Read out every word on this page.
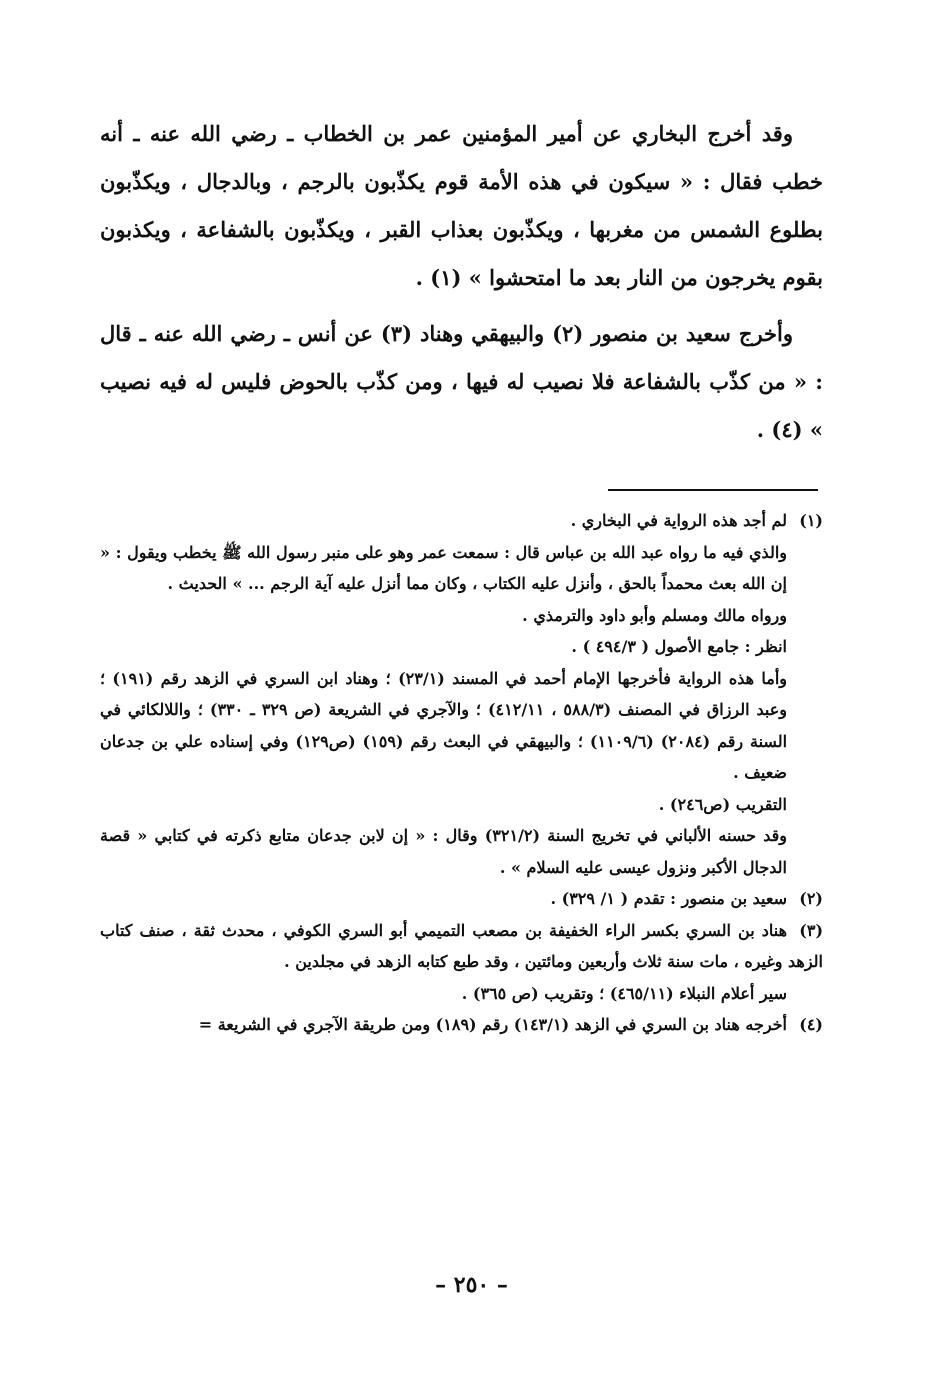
وقد أخرج البخاري عن أمير المؤمنين عمر بن الخطاب ـ رضي الله عنه ـ أنه خطب فقال : « سيكون في هذه الأمة قوم يكذّبون بالرجم ، وبالدجال ، ويكذّبون بطلوع الشمس من مغربها ، ويكذّبون بعذاب القبر ، ويكذّبون بالشفاعة ، ويكذبون بقوم يخرجون من النار بعد ما امتحشوا » (١) .

وأخرج سعيد بن منصور (٢) والبيهقي وهناد (٣) عن أنس ـ رضي الله عنه ـ قال : « من كذّب بالشفاعة فلا نصيب له فيها ، ومن كذّب بالحوض فليس له فيه نصيب » (٤) .

(١)لم أجد هذه الرواية في البخاري .

والذي فيه ما رواه عبد الله بن عباس قال : سمعت عمر وهو على منبر رسول الله ﷺ يخطب ويقول : « إن الله بعث محمداً بالحق ، وأنزل عليه الكتاب ، وكان مما أنزل عليه آية الرجم ... » الحديث .

ورواه مالك ومسلم وأبو داود والترمذي .

انظر : جامع الأصول ( ٤٩٤/٣ ) .

وأما هذه الرواية فأخرجها الإمام أحمد في المسند (٢٣/١) ؛ وهناد ابن السري في الزهد رقم (١٩١) ؛ وعبد الرزاق في المصنف (٥٨٨/٣ ، ٤١٢/١١) ؛ والآجري في الشريعة (ص ٣٢٩ ـ ٣٣٠) ؛ واللالكائي في السنة رقم (٢٠٨٤) (١١٠٩/٦) ؛ والبيهقي في البعث رقم (١٥٩) (ص١٢٩) وفي إسناده علي بن جدعان ضعيف .

التقريب (ص٢٤٦) .

وقد حسنه الألباني في تخريج السنة (٣٢١/٢) وقال : « إن لابن جدعان متابع ذكرته في كتابي « قصة الدجال الأكبر ونزول عيسى عليه السلام » .

(٢)سعيد بن منصور : تقدم ( ١/ ٣٢٩) .

(٣)هناد بن السري بكسر الراء الخفيفة بن مصعب التميمي أبو السري الكوفي ، محدث ثقة ، صنف كتاب الزهد وغيره ، مات سنة ثلاث وأربعين ومائتين ، وقد طبع كتابه الزهد في مجلدين .

سير أعلام النبلاء (٤٦٥/١١) ؛ وتقريب (ص ٣٦٥) .

(٤)أخرجه هناد بن السري في الزهد (١٤٣/١) رقم (١٨٩) ومن طريقة الآجري في الشريعة =

– ٢٥٠ –
